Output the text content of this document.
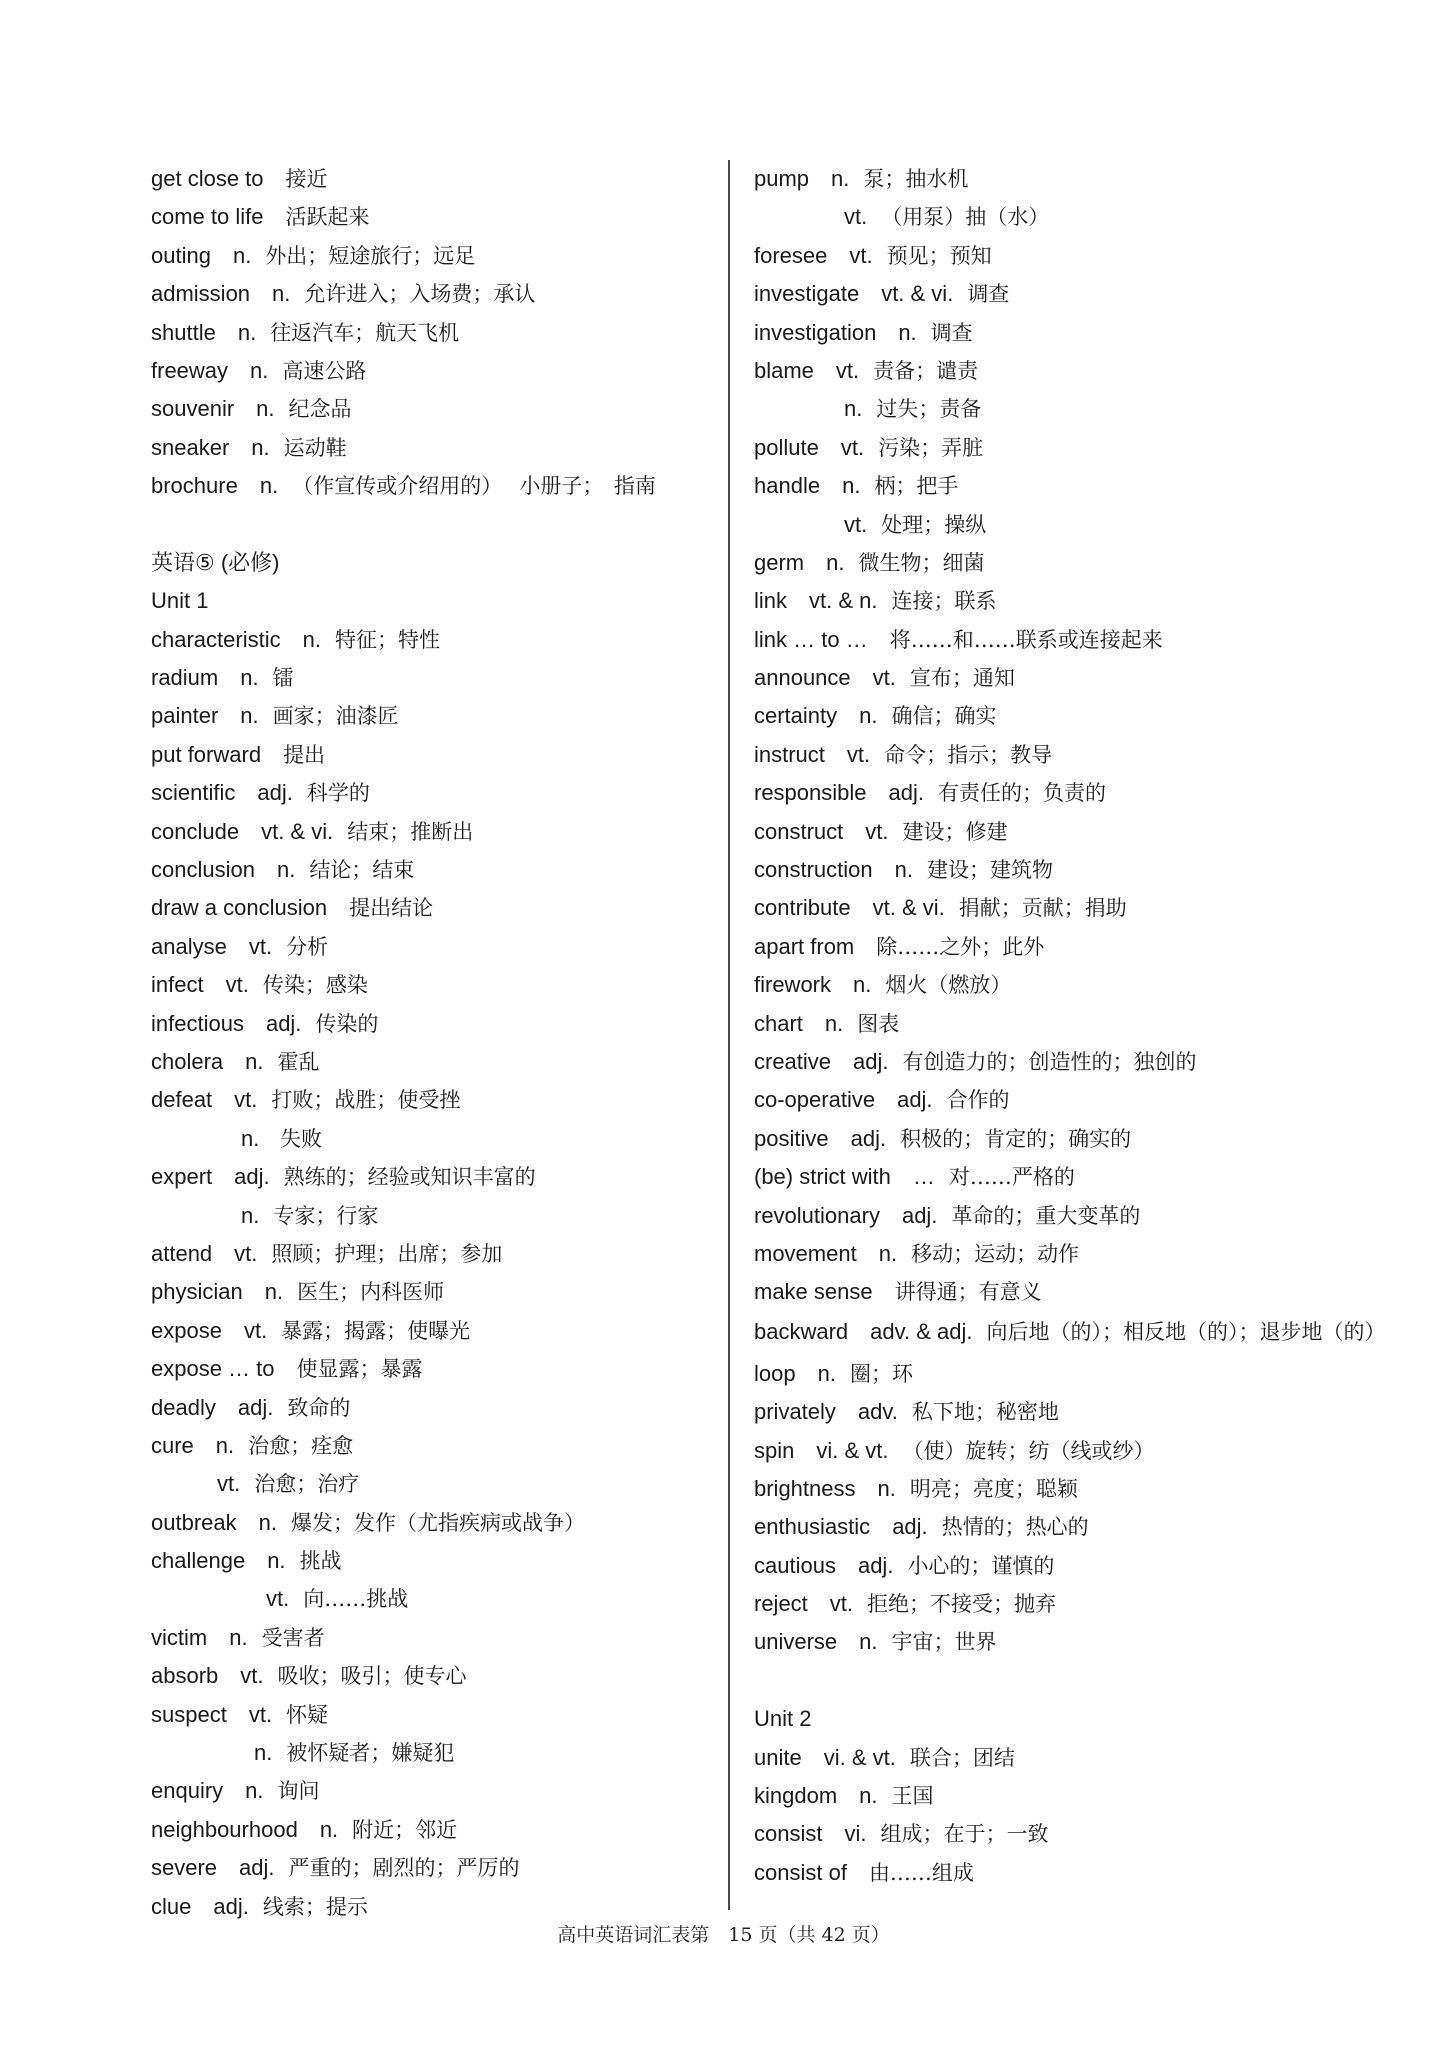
get close to 接近
come to life 活跃起来
outing n. 外出；短途旅行；远足
admission n. 允许进入；入场费；承认
shuttle n. 往返汽车；航天飞机
freeway n. 高速公路
souvenir n. 纪念品
sneaker n. 运动鞋
brochure n. （作宣传或介绍用的）　 小册子；　指南
英语⑤ (必修)
Unit 1
characteristic n. 特征；特性
radium n. 镭
painter n. 画家；油漆匠
put forward 提出
scientific adj. 科学的
conclude vt. & vi. 结束；推断出
conclusion n. 结论；结束
draw a conclusion 提出结论
analyse vt. 分析
infect vt. 传染；感染
infectious adj. 传染的
cholera n. 霍乱
defeat vt. 打败；战胜；使受挫
n. 失败
expert adj. 熟练的；经验或知识丰富的
n. 专家；行家
attend vt. 照顾；护理；出席；参加
physician n. 医生；内科医师
expose vt. 暴露；揭露；使曝光
expose … to 使显露；暴露
deadly adj. 致命的
cure n. 治愈；痊愈
vt. 治愈；治疗
outbreak n. 爆发；发作（尤指疾病或战争）
challenge n. 挑战
vt. 向……挑战
victim n. 受害者
absorb vt. 吸收；吸引；使专心
suspect vt. 怀疑
n. 被怀疑者；嫌疑犯
enquiry n. 询问
neighbourhood n. 附近；邻近
severe adj. 严重的；剧烈的；严厉的
clue adj. 线索；提示
pump n. 泵；抽水机
vt. （用泵）抽（水）
foresee vt. 预见；预知
investigate vt. & vi. 调查
investigation n. 调查
blame vt. 责备；谴责
n. 过失；责备
pollute vt. 污染；弄脏
handle n. 柄；把手
vt. 处理；操纵
germ n. 微生物；细菌
link vt. & n. 连接；联系
link … to … 将……和……联系或连接起来
announce vt. 宣布；通知
certainty n. 确信；确实
instruct vt. 命令；指示；教导
responsible adj. 有责任的；负责的
construct vt. 建设；修建
construction n. 建设；建筑物
contribute vt. & vi. 捐献；贡献；捐助
apart from 除……之外；此外
firework n. 烟火（燃放）
chart n. 图表
creative adj. 有创造力的；创造性的；独创的
co-operative adj. 合作的
positive adj. 积极的；肯定的；确实的
(be) strict with … 对……严格的
revolutionary adj. 革命的；重大变革的
movement n. 移动；运动；动作
make sense 讲得通；有意义
backward adv. & adj. 向后地（的）；相反地（的）；退步地（的）
loop n. 圈；环
privately adv. 私下地；秘密地
spin vi. & vt. （使）旋转；纺（线或纱）
brightness n. 明亮；亮度；聪颖
enthusiastic adj. 热情的；热心的
cautious adj. 小心的；谨慎的
reject vt. 拒绝；不接受；抛弃
universe n. 宇宙；世界
Unit 2
unite vi. & vt. 联合；团结
kingdom n. 王国
consist vi. 组成；在于；一致
consist of 由……组成
高中英语词汇表第　15 页（共 42 页）
